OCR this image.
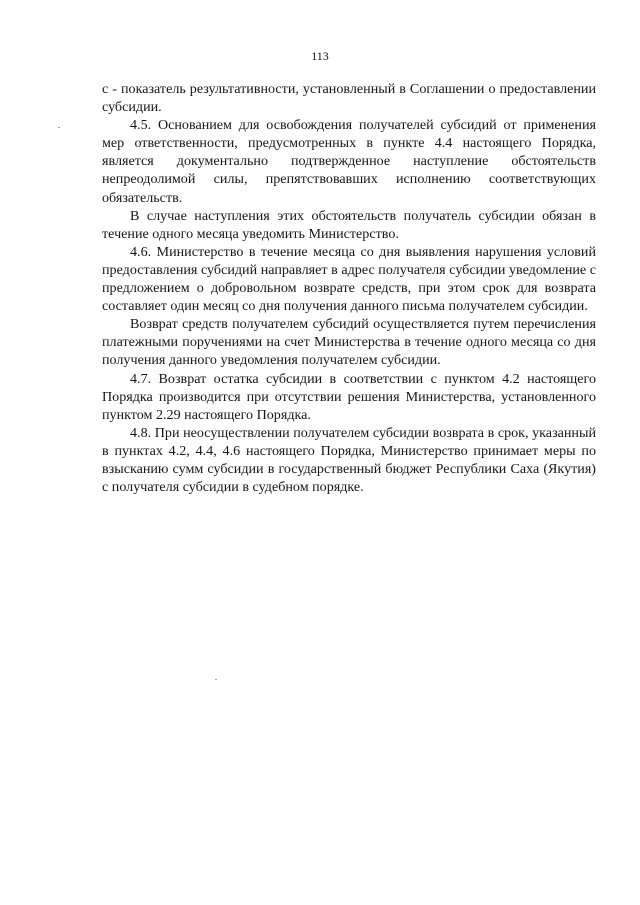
113

с - показатель результативности, установленный в Соглашении о предоставлении субсидии.

4.5. Основанием для освобождения получателей субсидий от применения мер ответственности, предусмотренных в пункте 4.4 настоящего Порядка, является документально подтвержденное наступление обстоятельств непреодолимой силы, препятствовавших исполнению соответствующих обязательств.

В случае наступления этих обстоятельств получатель субсидии обязан в течение одного месяца уведомить Министерство.

4.6. Министерство в течение месяца со дня выявления нарушения условий предоставления субсидий направляет в адрес получателя субсидии уведомление с предложением о добровольном возврате средств, при этом срок для возврата составляет один месяц со дня получения данного письма получателем субсидии.

Возврат средств получателем субсидий осуществляется путем перечисления платежными поручениями на счет Министерства в течение одного месяца со дня получения данного уведомления получателем субсидии.

4.7. Возврат остатка субсидии в соответствии с пунктом 4.2 настоящего Порядка производится при отсутствии решения Министерства, установленного пунктом 2.29 настоящего Порядка.

4.8. При неосуществлении получателем субсидии возврата в срок, указанный в пунктах 4.2, 4.4, 4.6 настоящего Порядка, Министерство принимает меры по взысканию сумм субсидии в государственный бюджет Республики Саха (Якутия) с получателя субсидии в судебном порядке.
